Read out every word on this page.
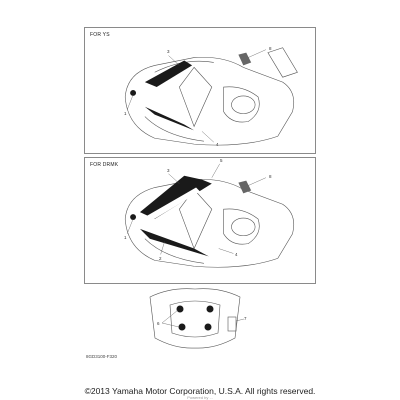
FOR YS
3
8
1
4
FOR DRMK
3
5
8
1
2
4
6
7
8GD3100-F320
©2013 Yamaha Motor Corporation, U.S.A. All rights reserved.
Powered by ...
